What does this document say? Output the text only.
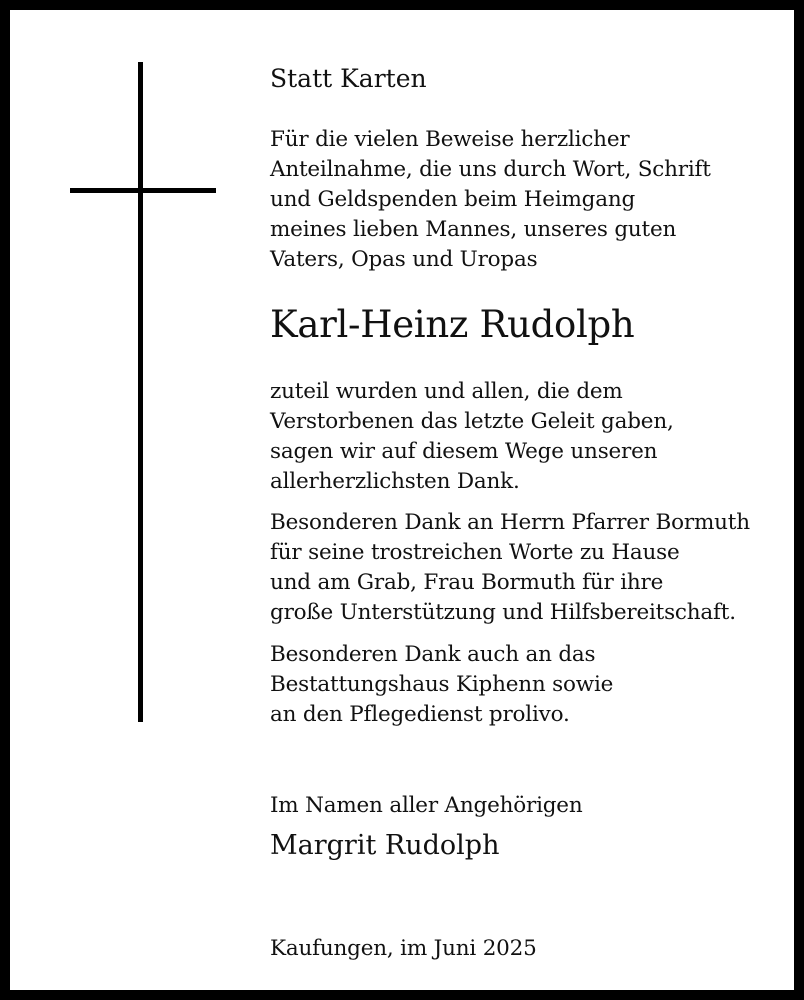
Statt Karten

Für die vielen Beweise herzlicher
Anteilnahme, die uns durch Wort, Schrift
und Geldspenden beim Heimgang
meines lieben Mannes, unseres guten
Vaters, Opas und Uropas

Karl-Heinz Rudolph

zuteil wurden und allen, die dem
Verstorbenen das letzte Geleit gaben,
sagen wir auf diesem Wege unseren
allerherzlichsten Dank.

Besonderen Dank an Herrn Pfarrer Bormuth
für seine trostreichen Worte zu Hause
und am Grab, Frau Bormuth für ihre
große Unterstützung und Hilfsbereitschaft.

Besonderen Dank auch an das
Bestattungshaus Kiphenn sowie
an den Pflegedienst prolivo.

Im Namen aller Angehörigen

Margrit Rudolph

Kaufungen, im Juni 2025
